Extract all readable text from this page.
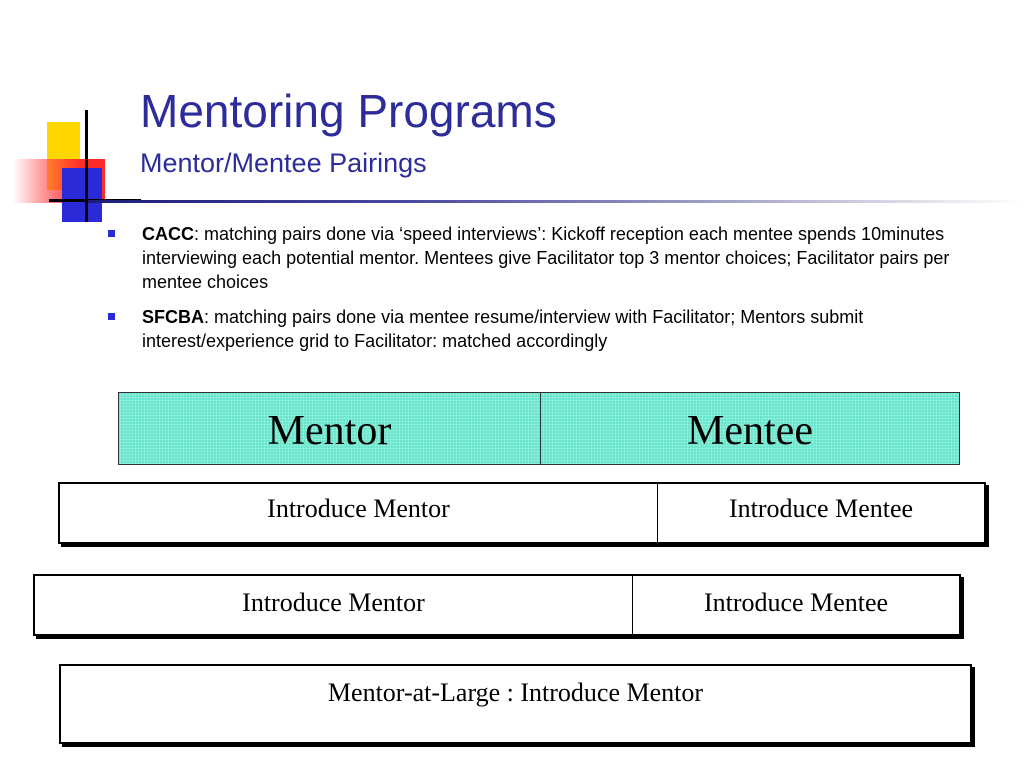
Mentoring Programs
Mentor/Mentee Pairings
CACC: matching pairs done via ‘speed interviews’: Kickoff reception each mentee spends 10minutes interviewing each potential mentor. Mentees give Facilitator top 3 mentor choices; Facilitator pairs per mentee choices
SFCBA: matching pairs done via mentee resume/interview with Facilitator; Mentors submit interest/experience grid to Facilitator: matched accordingly
Mentor	Mentee
Introduce Mentor	Introduce Mentee
Introduce Mentor	Introduce Mentee
Mentor-at-Large : Introduce Mentor
